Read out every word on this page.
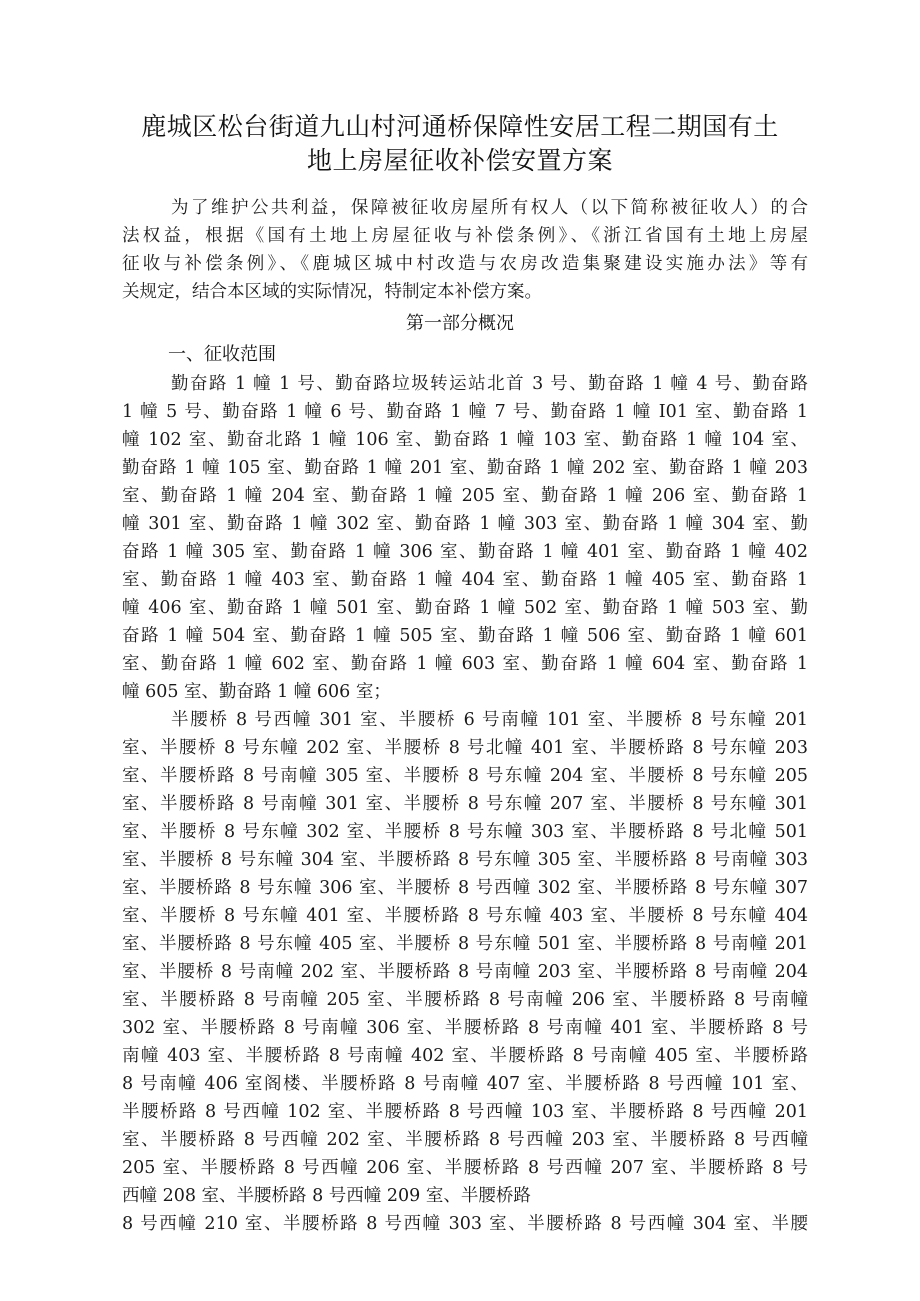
鹿城区松台街道九山村河通桥保障性安居工程二期国有土
地上房屋征收补偿安置方案
为了维护公共利益，保障被征收房屋所有权人（以下简称被征收人）的合
法权益，根据《国有土地上房屋征收与补偿条例》、《浙江省国有土地上房屋
征收与补偿条例》、《鹿城区城中村改造与农房改造集聚建设实施办法》等有
关规定，结合本区域的实际情况，特制定本补偿方案。
第一部分概况
一、征收范围
勤奋路 1 幢 1 号、勤奋路垃圾转运站北首 3 号、勤奋路 1 幢 4 号、勤奋路
1 幢 5 号、勤奋路 1 幢 6 号、勤奋路 1 幢 7 号、勤奋路 1 幢 I01 室、勤奋路 1
幢 102 室、勤奋北路 1 幢 106 室、勤奋路 1 幢 103 室、勤奋路 1 幢 104 室、
勤奋路 1 幢 105 室、勤奋路 1 幢 201 室、勤奋路 1 幢 202 室、勤奋路 1 幢 203
室、勤奋路 1 幢 204 室、勤奋路 1 幢 205 室、勤奋路 1 幢 206 室、勤奋路 1
幢 301 室、勤奋路 1 幢 302 室、勤奋路 1 幢 303 室、勤奋路 1 幢 304 室、勤
奋路 1 幢 305 室、勤奋路 1 幢 306 室、勤奋路 1 幢 401 室、勤奋路 1 幢 402
室、勤奋路 1 幢 403 室、勤奋路 1 幢 404 室、勤奋路 1 幢 405 室、勤奋路 1
幢 406 室、勤奋路 1 幢 501 室、勤奋路 1 幢 502 室、勤奋路 1 幢 503 室、勤
奋路 1 幢 504 室、勤奋路 1 幢 505 室、勤奋路 1 幢 506 室、勤奋路 1 幢 601
室、勤奋路 1 幢 602 室、勤奋路 1 幢 603 室、勤奋路 1 幢 604 室、勤奋路 1
幢 605 室、勤奋路 1 幢 606 室；
半腰桥 8 号西幢 301 室、半腰桥 6 号南幢 101 室、半腰桥 8 号东幢 201
室、半腰桥 8 号东幢 202 室、半腰桥 8 号北幢 401 室、半腰桥路 8 号东幢 203
室、半腰桥路 8 号南幢 305 室、半腰桥 8 号东幢 204 室、半腰桥 8 号东幢 205
室、半腰桥路 8 号南幢 301 室、半腰桥 8 号东幢 207 室、半腰桥 8 号东幢 301
室、半腰桥 8 号东幢 302 室、半腰桥 8 号东幢 303 室、半腰桥路 8 号北幢 501
室、半腰桥 8 号东幢 304 室、半腰桥路 8 号东幢 305 室、半腰桥路 8 号南幢 303
室、半腰桥路 8 号东幢 306 室、半腰桥 8 号西幢 302 室、半腰桥路 8 号东幢 307
室、半腰桥 8 号东幢 401 室、半腰桥路 8 号东幢 403 室、半腰桥 8 号东幢 404
室、半腰桥路 8 号东幢 405 室、半腰桥 8 号东幢 501 室、半腰桥路 8 号南幢 201
室、半腰桥 8 号南幢 202 室、半腰桥路 8 号南幢 203 室、半腰桥路 8 号南幢 204
室、半腰桥路 8 号南幢 205 室、半腰桥路 8 号南幢 206 室、半腰桥路 8 号南幢
302 室、半腰桥路 8 号南幢 306 室、半腰桥路 8 号南幢 401 室、半腰桥路 8 号
南幢 403 室、半腰桥路 8 号南幢 402 室、半腰桥路 8 号南幢 405 室、半腰桥路
8 号南幢 406 室阁楼、半腰桥路 8 号南幢 407 室、半腰桥路 8 号西幢 101 室、
半腰桥路 8 号西幢 102 室、半腰桥路 8 号西幢 103 室、半腰桥路 8 号西幢 201
室、半腰桥路 8 号西幢 202 室、半腰桥路 8 号西幢 203 室、半腰桥路 8 号西幢
205 室、半腰桥路 8 号西幢 206 室、半腰桥路 8 号西幢 207 室、半腰桥路 8 号
西幢 208 室、半腰桥路 8 号西幢 209 室、半腰桥路
8 号西幢 210 室、半腰桥路 8 号西幢 303 室、半腰桥路 8 号西幢 304 室、半腰
